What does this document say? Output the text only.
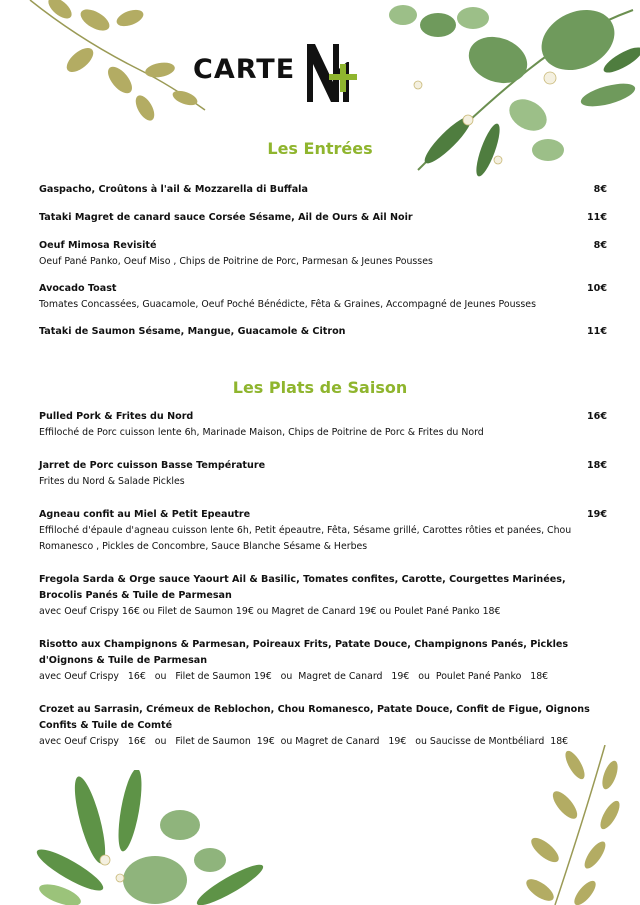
CARTE
Les Entrées
Gaspacho, Croûtons à l'ail & Mozzarella di Buffala	8€
Tataki Magret de canard sauce Corsée Sésame, Ail de Ours & Ail Noir	11€
Oeuf Mimosa Revisité	8€
Oeuf Pané Panko, Oeuf Miso , Chips de Poitrine de Porc, Parmesan & Jeunes Pousses
Avocado Toast	10€
Tomates Concassées, Guacamole, Oeuf Poché Bénédicte, Fêta & Graines, Accompagné de Jeunes Pousses
Tataki de Saumon Sésame, Mangue, Guacamole & Citron	11€
Les Plats de Saison
Pulled Pork & Frites du Nord	16€
Effiloché de Porc cuisson lente 6h, Marinade Maison, Chips de Poitrine de Porc & Frites du Nord
Jarret de Porc cuisson Basse Température	18€
Frites du Nord & Salade Pickles
Agneau confit au Miel & Petit Epeautre	19€
Effiloché d'épaule d'agneau cuisson lente 6h, Petit épeautre, Fêta, Sésame grillé, Carottes rôties et panées, Chou Romanesco , Pickles de Concombre, Sauce Blanche Sésame & Herbes
Fregola Sarda & Orge sauce Yaourt Ail & Basilic, Tomates confites, Carotte, Courgettes Marinées, Brocolis Panés & Tuile de Parmesan
avec Oeuf Crispy 16€ ou Filet de Saumon 19€ ou Magret de Canard 19€ ou Poulet Pané Panko 18€
Risotto aux Champignons & Parmesan, Poireaux Frits, Patate Douce, Champignons Panés, Pickles d'Oignons & Tuile de Parmesan
avec Oeuf Crispy   16€   ou   Filet de Saumon 19€   ou  Magret de Canard   19€   ou  Poulet Pané Panko   18€
Crozet au Sarrasin, Crémeux de Reblochon, Chou Romanesco, Patate Douce, Confit de Figue, Oignons Confits & Tuile de Comté
avec Oeuf Crispy   16€   ou   Filet de Saumon  19€  ou Magret de Canard   19€   ou Saucisse de Montbéliard  18€
